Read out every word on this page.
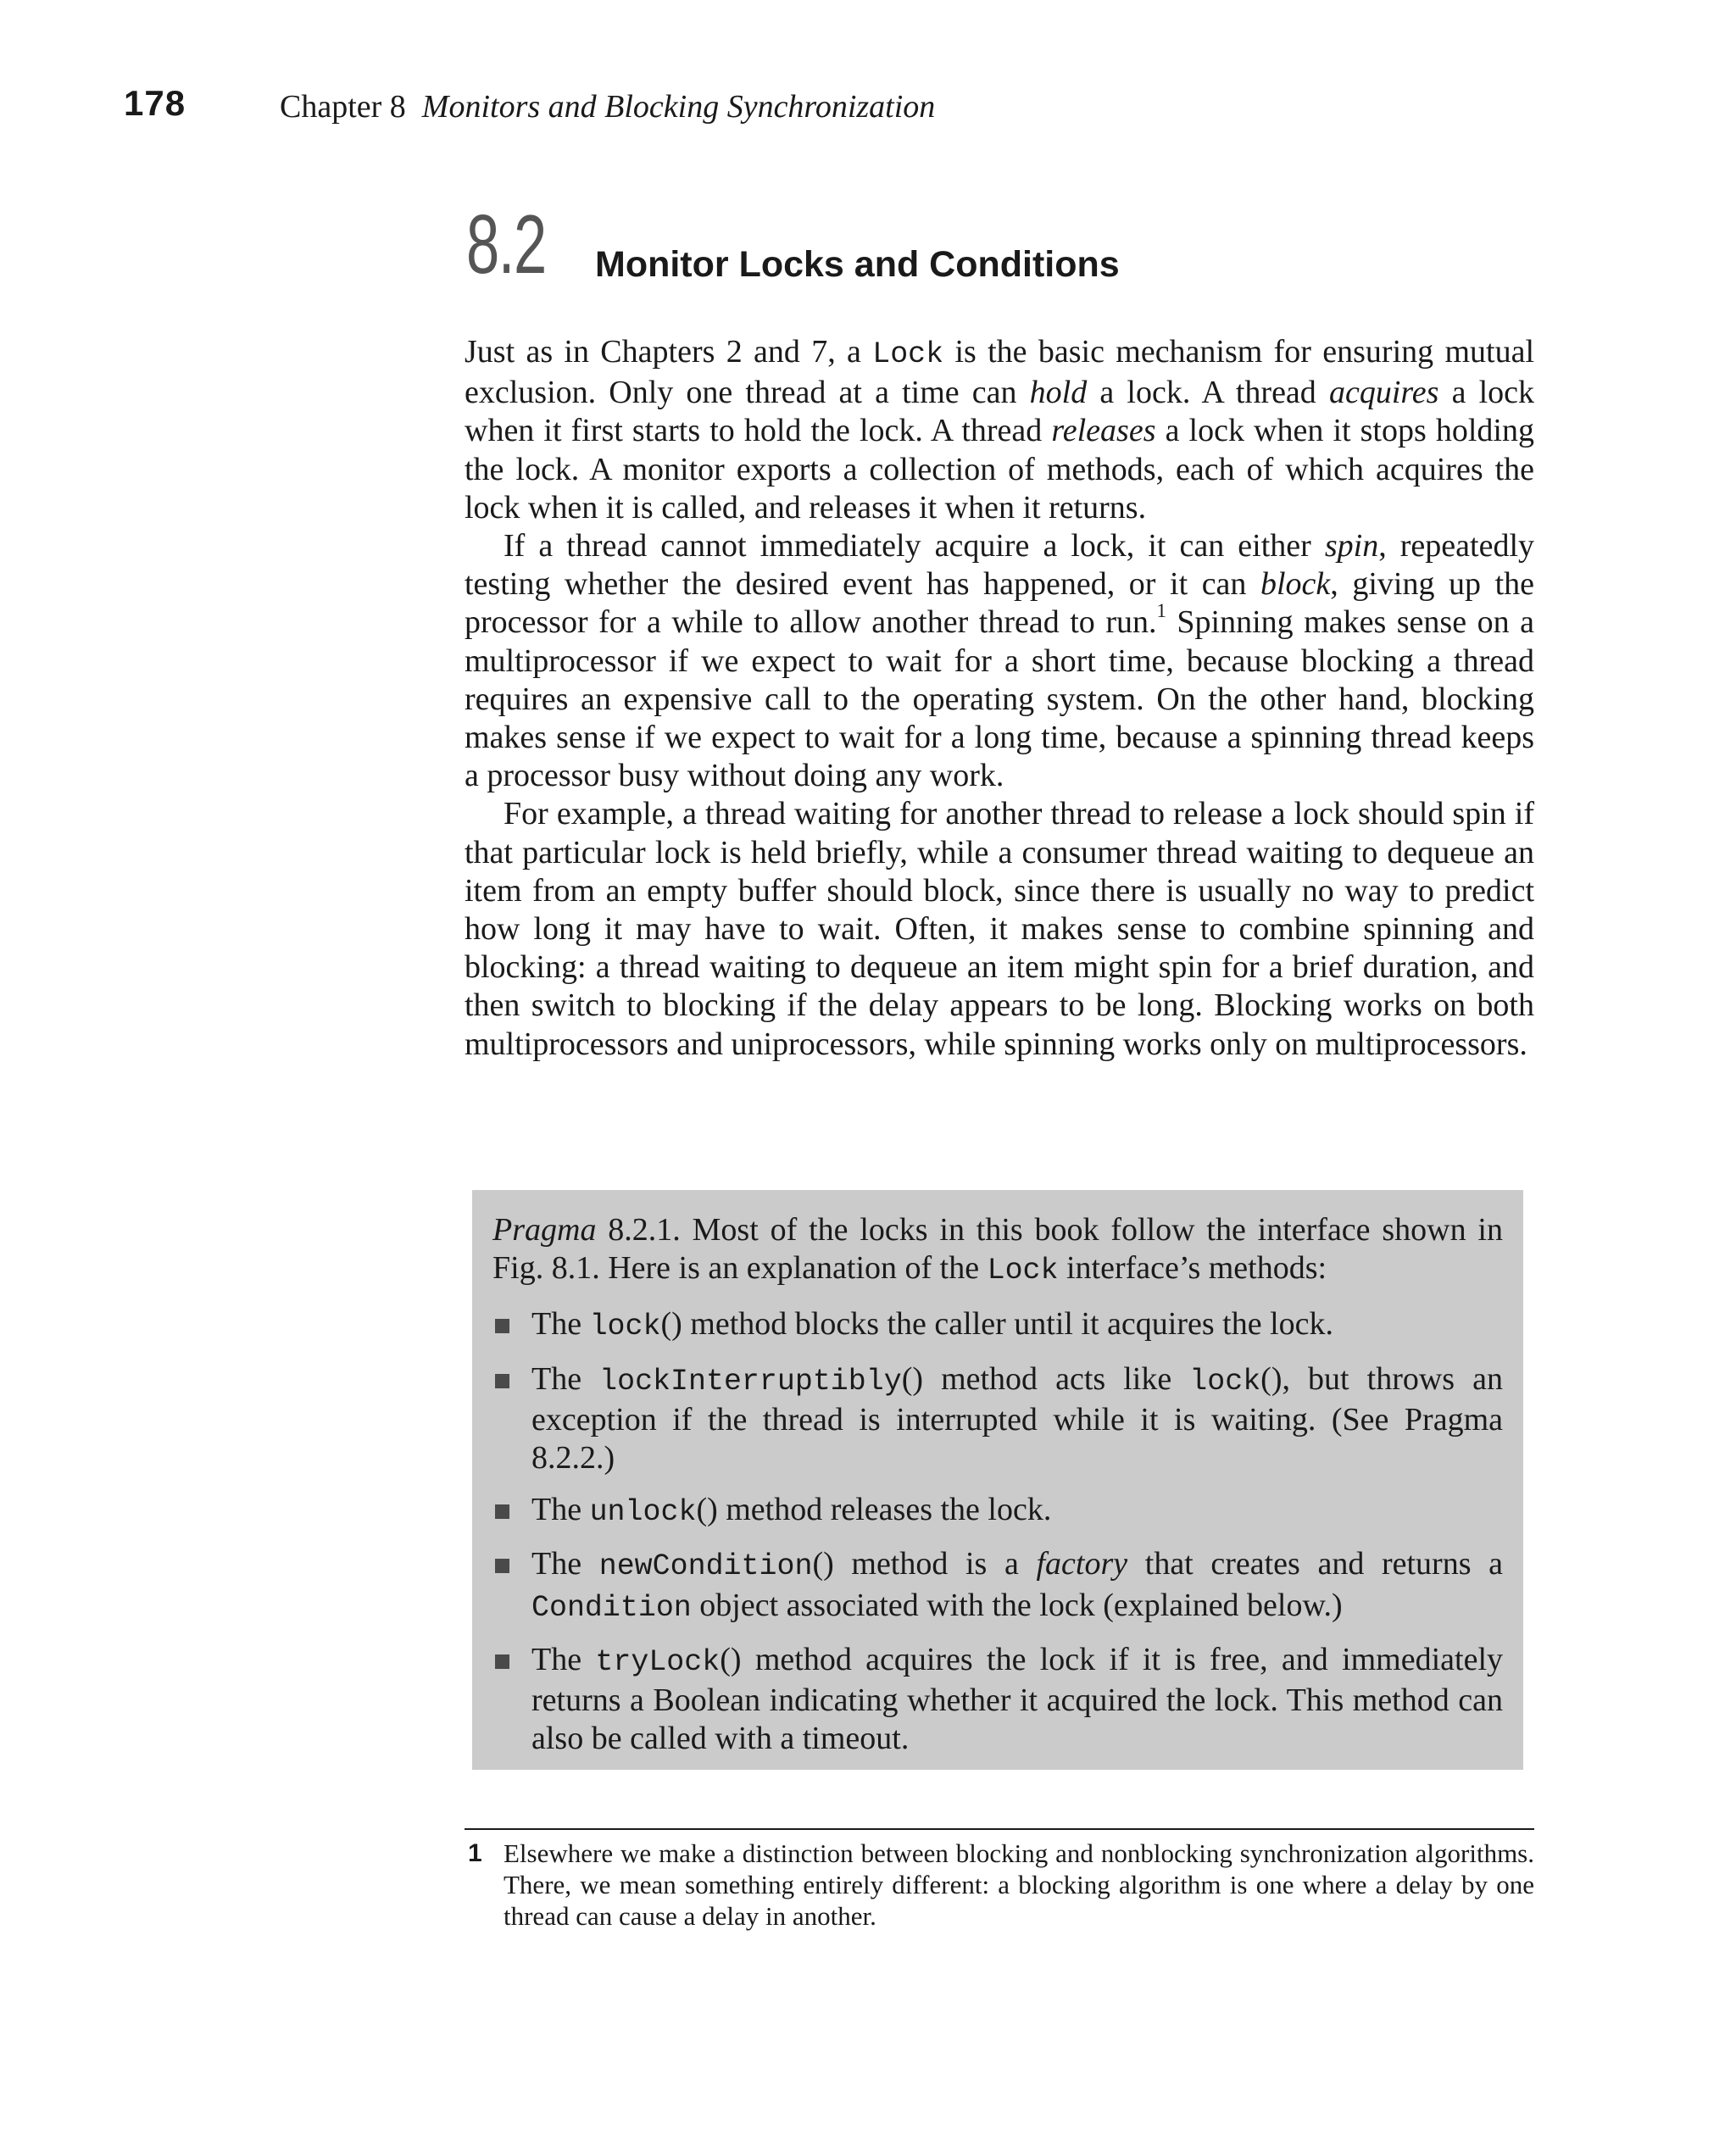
178	Chapter 8 Monitors and Blocking Synchronization
8.2 Monitor Locks and Conditions

Just as in Chapters 2 and 7, a Lock is the basic mechanism for ensuring mutual exclusion. Only one thread at a time can hold a lock. A thread acquires a lock when it first starts to hold the lock. A thread releases a lock when it stops holding the lock. A monitor exports a collection of methods, each of which acquires the lock when it is called, and releases it when it returns.

If a thread cannot immediately acquire a lock, it can either spin, repeatedly testing whether the desired event has happened, or it can block, giving up the processor for a while to allow another thread to run.$^1$ Spinning makes sense on a multiprocessor if we expect to wait for a short time, because blocking a thread requires an expensive call to the operating system. On the other hand, blocking makes sense if we expect to wait for a long time, because a spinning thread keeps a processor busy without doing any work.

For example, a thread waiting for another thread to release a lock should spin if that particular lock is held briefly, while a consumer thread waiting to dequeue an item from an empty buffer should block, since there is usually no way to predict how long it may have to wait. Often, it makes sense to combine spinning and blocking: a thread waiting to dequeue an item might spin for a brief duration, and then switch to blocking if the delay appears to be long. Blocking works on both multiprocessors and uniprocessors, while spinning works only on multiprocessors.

Pragma 8.2.1. Most of the locks in this book follow the interface shown in Fig. 8.1. Here is an explanation of the Lock interface’s methods:

The lock() method blocks the caller until it acquires the lock.
The lockInterruptibly() method acts like lock(), but throws an exception if the thread is interrupted while it is waiting. (See Pragma 8.2.2.)
The unlock() method releases the lock.
The newCondition() method is a factory that creates and returns a Condition object associated with the lock (explained below.)
The tryLock() method acquires the lock if it is free, and immediately returns a Boolean indicating whether it acquired the lock. This method can also be called with a timeout.
1 Elsewhere we make a distinction between blocking and nonblocking synchronization algorithms. There, we mean something entirely different: a blocking algorithm is one where a delay by one thread can cause a delay in another.
